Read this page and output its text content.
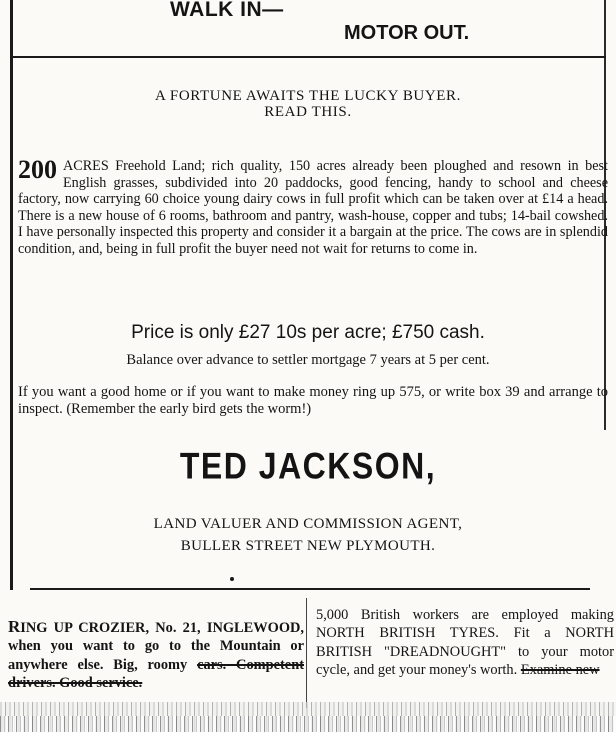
WALK IN—
MOTOR OUT.
A FORTUNE AWAITS THE LUCKY BUYER.
READ THIS.
200 ACRES Freehold Land; rich quality, 150 acres already been ploughed and resown in best English grasses, subdivided into 20 paddocks, good fencing, handy to school and cheese factory, now carrying 60 choice young dairy cows in full profit which can be taken over at £14 a head. There is a new house of 6 rooms, bathroom and pantry, wash-house, copper and tubs; 14-bail cowshed. I have personally inspected this property and consider it a bargain at the price. The cows are in splendid condition, and, being in full profit the buyer need not wait for returns to come in.

Price is only £27 10s per acre; £750 cash.
Balance over advance to settler mortgage 7 years at 5 per cent.
If you want a good home or if you want to make money ring up 575, or write box 39 and arrange to inspect. (Remember the early bird gets the worm!)
TED JACKSON,
LAND VALUER AND COMMISSION AGENT,
BULLER STREET NEW PLYMOUTH.
RING UP CROZIER, No. 21, INGLEWOOD, when you want to go to the Mountain or anywhere else. Big, roomy cars. Competent drivers. Good service.
5,000 British workers are employed making NORTH BRITISH TYRES. Fit a NORTH BRITISH "DREADNOUGHT" to your motor cycle, and get your money's worth. Examine new
